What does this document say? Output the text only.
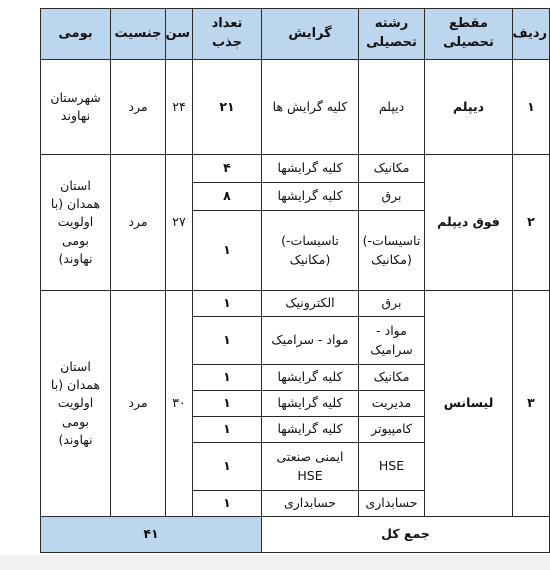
ردیف	مقطع تحصیلی	رشته تحصیلی	گرایش	تعداد جذب	سن	جنسیت	بومی
۱	دیپلم	دیپلم	کلیه گرایش ها	۲۱	۲۴	مرد	شهرستان نهاوند
۲	فوق دیپلم	مکانیک	کلیه گرایشها	۴	۲۷	مرد	استان همدان (با اولویت بومی نهاوند)
		برق	کلیه گرایشها	۸			
		تاسیسات-) (مکانیک	تاسیسات-) (مکانیک	۱			
۳	لیسانس	برق	الکترونیک	۱	۳۰	مرد	استان همدان (با اولویت بومی نهاوند)
		مواد - سرامیک	مواد - سرامیک	۱			
		مکانیک	کلیه گرایشها	۱			
		مدیریت	کلیه گرایشها	۱			
		کامپیوتر	کلیه گرایشها	۱			
		HSE	ایمنی صنعتی HSE	۱			
		حسابداری	حسابداری	۱			
جمع کل				۴۱			
